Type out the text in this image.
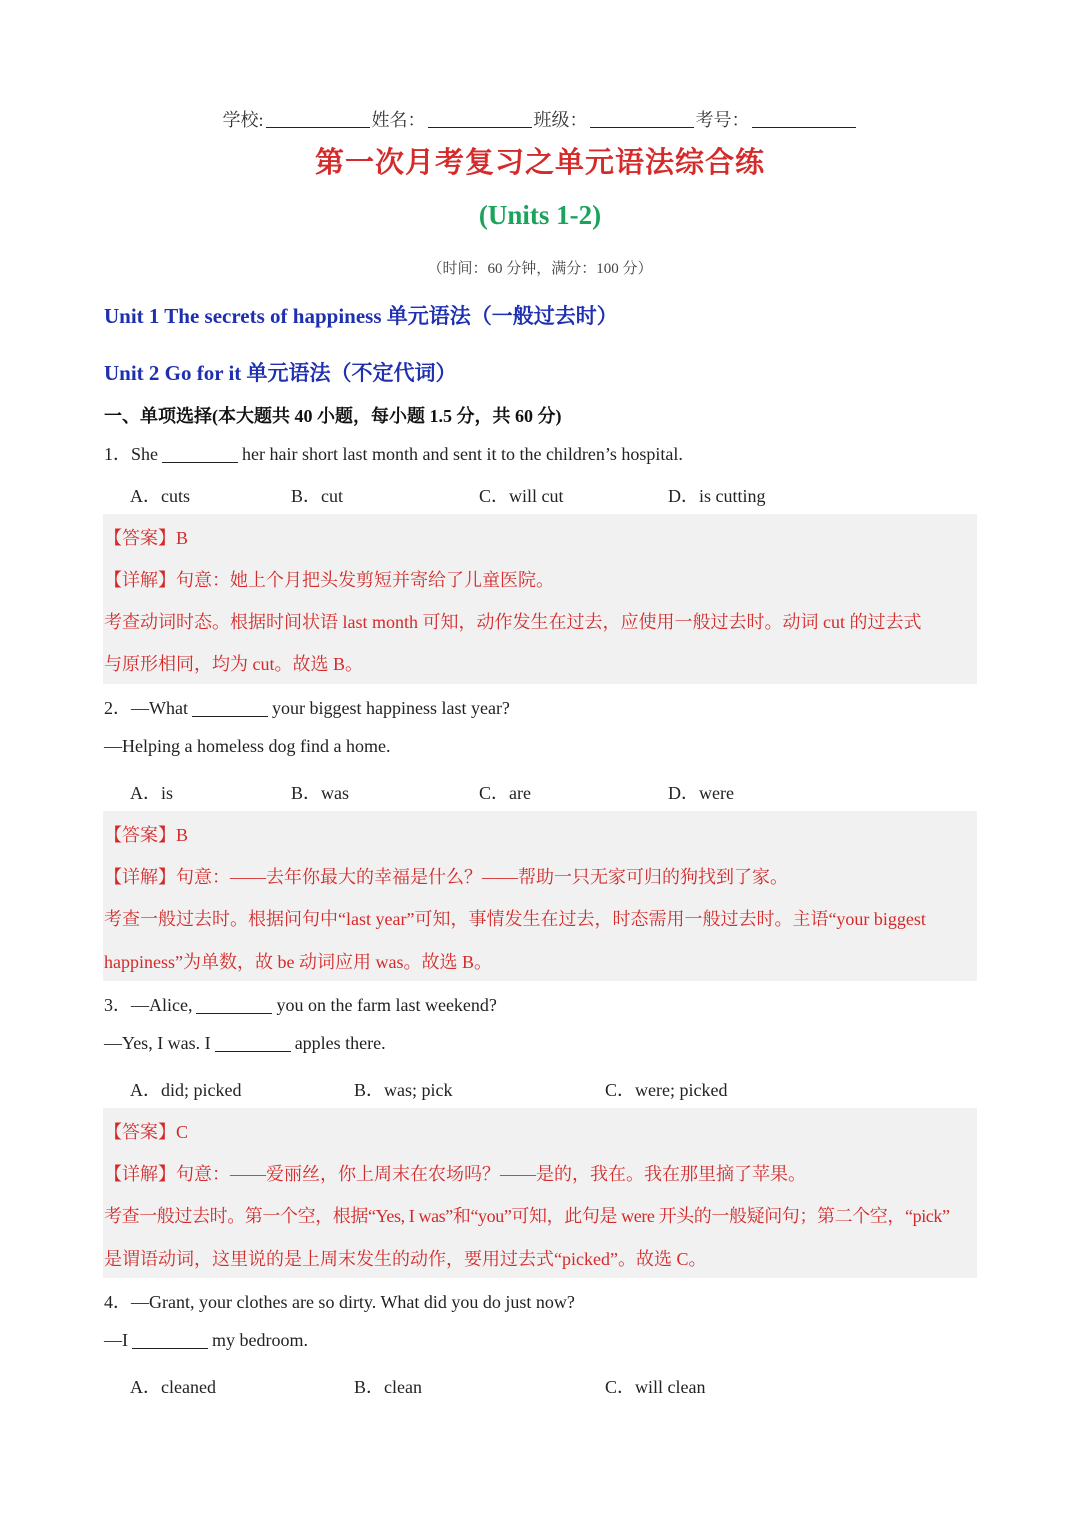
学校:	姓名：	班级：	考号：
第一次月考复习之单元语法综合练
(Units 1-2)
（时间：60 分钟，满分：100 分）
Unit 1 The secrets of happiness 单元语法（一般过去时）
Unit 2 Go for it 单元语法（不定代词）
一、单项选择(本大题共 40 小题，每小题 1.5 分，共 60 分)
1．She	her hair short last month and sent it to the children’s hospital.
A．cuts	B．cut	C．will cut	D．is cutting
【答案】B
【详解】句意：她上个月把头发剪短并寄给了儿童医院。
考查动词时态。根据时间状语 last month 可知，动作发生在过去，应使用一般过去时。动词 cut 的过去式
与原形相同，均为 cut。故选 B。
2．—What	your biggest happiness last year?
—Helping a homeless dog find a home.
A．is	B．was	C．are	D．were
【答案】B
【详解】句意：——去年你最大的幸福是什么？——帮助一只无家可归的狗找到了家。
考查一般过去时。根据问句中“last year”可知，事情发生在过去，时态需用一般过去时。主语“your biggest
happiness”为单数，故 be 动词应用 was。故选 B。
3．—Alice,	you on the farm last weekend?
—Yes, I was. I	apples there.
A．did; picked	B．was; pick	C．were; picked
【答案】C
【详解】句意：——爱丽丝，你上周末在农场吗？——是的，我在。我在那里摘了苹果。
考查一般过去时。第一个空，根据“Yes, I was”和“you”可知，此句是 were 开头的一般疑问句；第二个空，“pick”
是谓语动词，这里说的是上周末发生的动作，要用过去式“picked”。故选 C。
4．—Grant, your clothes are so dirty. What did you do just now?
—I	my bedroom.
A．cleaned	B．clean	C．will clean
